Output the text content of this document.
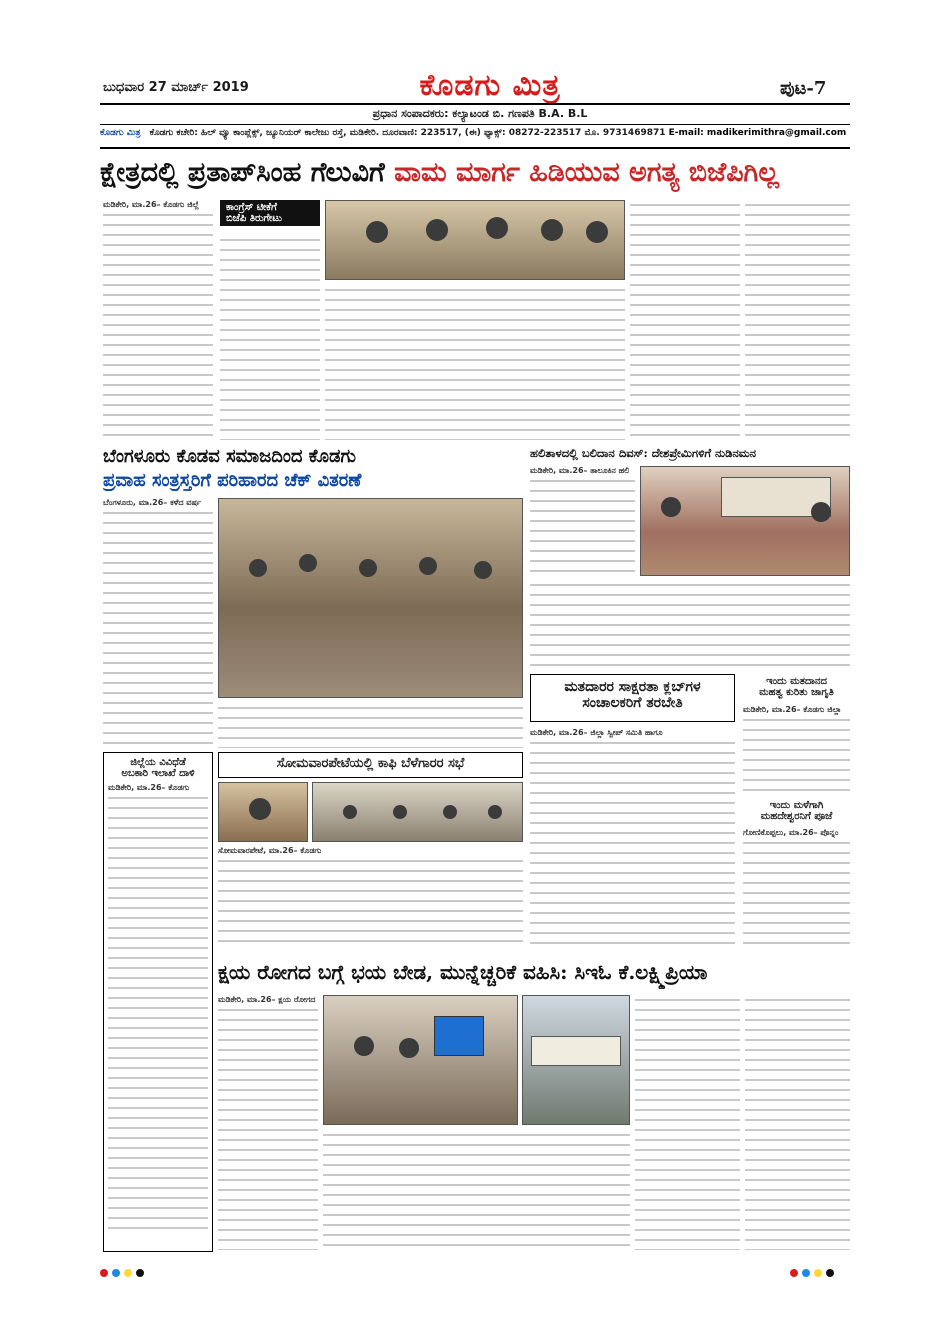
ಬುಧವಾರ 27 ಮಾರ್ಚ್ 2019	ಕೊಡಗು ಮಿತ್ರ	ಪುಟ-7
ಪ್ರಧಾನ ಸಂಪಾದಕರು: ಕಲ್ಯಾಟಂಡ ಬಿ. ಗಣಪತಿ B.A. B.L
ಕೊಡಗು ಮಿತ್ರ ಕೊಡಗು ಕಚೇರಿ: ಹಿಲ್ ವ್ಯೂ ಕಾಂಪ್ಲೆಕ್ಸ್, ಜ್ಯೂನಿಯರ್ ಕಾಲೇಜು ರಸ್ತೆ, ಮಡಿಕೇರಿ. ದೂರವಾಣಿ: 223517, (ಈ) ಫ್ಯಾಕ್ಸ್: 08272-223517 ಮೊ. 9731469871 E-mail: madikerimithra@gmail.com
ಕ್ಷೇತ್ರದಲ್ಲಿ ಪ್ರತಾಪ್‌ಸಿಂಹ ಗೆಲುವಿಗೆ ವಾಮ ಮಾರ್ಗ ಹಿಡಿಯುವ ಅಗತ್ಯ ಬಿಜೆಪಿಗಿಲ್ಲ
ಮಡಿಕೇರಿ, ಮಾ.26– ಕೊಡಗು ಜಿಲ್ಲೆ	ಕಾಂಗ್ರೆಸ್ ಟೀಕೆಗೆ
ಬಿಜೆಪಿ ತಿರುಗೇಟು
ಬೆಂಗಳೂರು ಕೊಡವ ಸಮಾಜದಿಂದ ಕೊಡಗು
ಪ್ರವಾಹ ಸಂತ್ರಸ್ತರಿಗೆ ಪರಿಹಾರದ ಚೆಕ್ ವಿತರಣೆ
ಬೆಂಗಳೂರು, ಮಾ.26– ಕಳೆದ ವರ್ಷ
ಹಲಿತಾಳದಲ್ಲಿ ಬಲಿದಾನ ದಿವಸ್: ದೇಶಪ್ರೇಮಿಗಳಿಗೆ ನುಡಿನಮನ
ಮಡಿಕೇರಿ, ಮಾ.26– ತಾಲೂಕಿನ ಹಲಿ
ಮತದಾರರ ಸಾಕ್ಷರತಾ ಕ್ಲಬ್‌ಗಳ
ಸಂಚಾಲಕರಿಗೆ ತರಬೇತಿ
ಮಡಿಕೇರಿ, ಮಾ.26– ಜಿಲ್ಲಾ ಸ್ವೀಪ್ ಸಮಿತಿ ಹಾಗೂ
ಇಂದು ಮತದಾನದ
ಮಹತ್ವ ಕುರಿತು ಜಾಗೃತಿ
ಮಡಿಕೇರಿ, ಮಾ.26– ಕೊಡಗು ಜಿಲ್ಲಾ
ಇಂದು ಮಳೆಗಾಗಿ
ಮಹದೇಶ್ವರನಿಗೆ ಪೂಜೆ
ಗೋಣಿಕೊಪ್ಪಲು, ಮಾ.26– ಪೊನ್ನಂ
ಜಿಲ್ಲೆಯ ವಿವಿಧೆಡೆ
ಅಬಕಾರಿ ಇಲಾಖೆ ದಾಳಿ
ಮಡಿಕೇರಿ, ಮಾ.26– ಕೊಡಗು
ಸೋಮವಾರಪೇಟೆಯಲ್ಲಿ ಕಾಫಿ ಬೆಳೆಗಾರರ ಸಭೆ
ಸೋಮವಾರಪೇಟೆ, ಮಾ.26– ಕೊಡಗು
ಕ್ಷಯ ರೋಗದ ಬಗ್ಗೆ ಭಯ ಬೇಡ, ಮುನ್ನೆಚ್ಚರಿಕೆ ವಹಿಸಿ: ಸಿಇಓ ಕೆ.ಲಕ್ಷ್ಮಿಪ್ರಿಯಾ
ಮಡಿಕೇರಿ, ಮಾ.26– ಕ್ಷಯ ರೋಗದ
